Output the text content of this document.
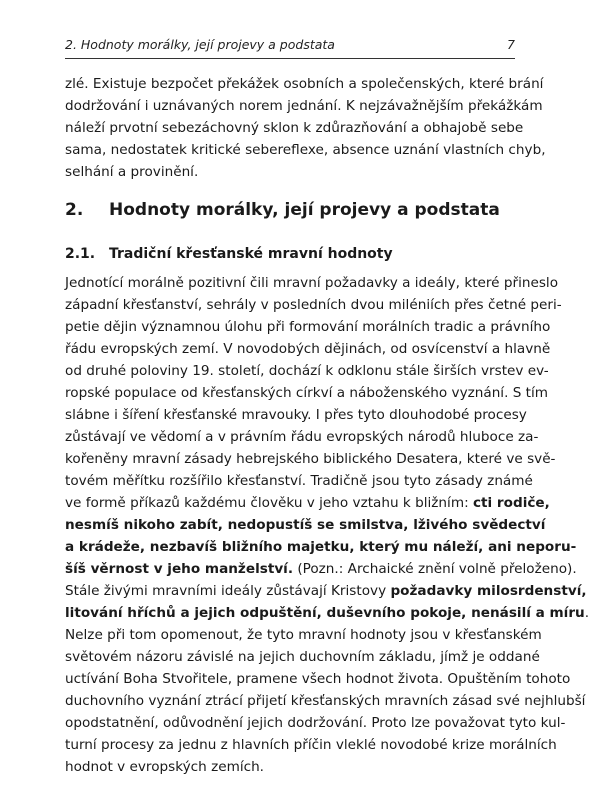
2. Hodnoty morálky, její projevy a podstata	7
zlé. Existuje bezpočet překážek osobních a společenských, které brání
dodržování i uznávaných norem jednání. K nejzávažnějším překážkám
náleží prvotní sebezáchovný sklon k zdůrazňování a obhajobě sebe
sama, nedostatek kritické sebereflexe, absence uznání vlastních chyb,
selhání a provinění.
2. Hodnoty morálky, její projevy a podstata
2.1. Tradiční křesťanské mravní hodnoty
Jednotící morálně pozitivní čili mravní požadavky a ideály, které přineslo
západní křesťanství, sehrály v posledních dvou miléniích přes četné peri-
petie dějin významnou úlohu při formování morálních tradic a právního
řádu evropských zemí. V novodobých dějinách, od osvícenství a hlavně
od druhé poloviny 19. století, dochází k odklonu stále širších vrstev ev-
ropské populace od křesťanských církví a náboženského vyznání. S tím
slábne i šíření křesťanské mravouky. I přes tyto dlouhodobé procesy
zůstávají ve vědomí a v právním řádu evropských národů hluboce za-
kořeněny mravní zásady hebrejského biblického Desatera, které ve svě-
tovém měřítku rozšířilo křesťanství. Tradičně jsou tyto zásady známé
ve formě příkazů každému člověku v jeho vztahu k bližním: cti rodiče,
nesmíš nikoho zabít, nedopustíš se smilstva, lživého svědectví
a krádeže, nezbavíš bližního majetku, který mu náleží, ani neporu-
šíš věrnost v jeho manželství. (Pozn.: Archaické znění volně přeloženo).
Stále živými mravními ideály zůstávají Kristovy požadavky milosrdenství,
litování hříchů a jejich odpuštění, duševního pokoje, nenásilí a míru.
Nelze při tom opomenout, že tyto mravní hodnoty jsou v křesťanském
světovém názoru závislé na jejich duchovním základu, jímž je oddané
uctívání Boha Stvořitele, pramene všech hodnot života. Opuštěním tohoto
duchovního vyznání ztrácí přijetí křesťanských mravních zásad své nejhlubší
opodstatnění, odůvodnění jejich dodržování. Proto lze považovat tyto kul-
turní procesy za jednu z hlavních příčin vleklé novodobé krize morálních
hodnot v evropských zemích.
